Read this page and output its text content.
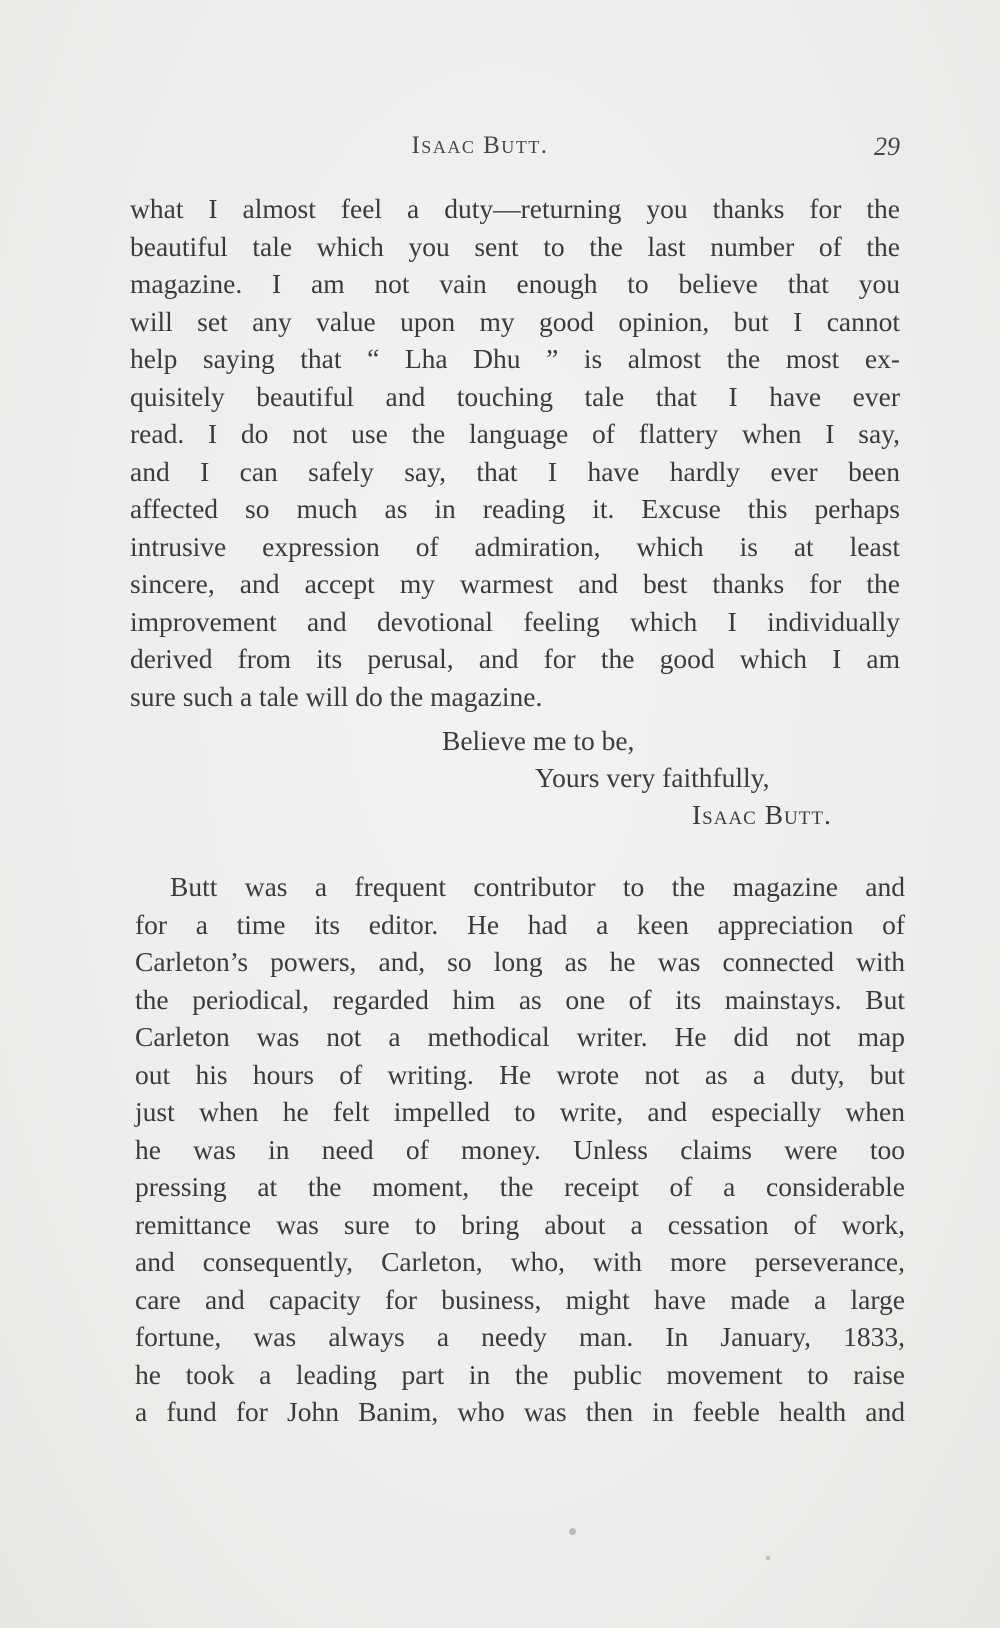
Isaac Butt.	29
what I almost feel a duty—returning you thanks for the
beautiful tale which you sent to the last number of the
magazine. I am not vain enough to believe that you
will set any value upon my good opinion, but I cannot
help saying that “ Lha Dhu ” is almost the most ex-
quisitely beautiful and touching tale that I have ever
read. I do not use the language of flattery when I say,
and I can safely say, that I have hardly ever been
affected so much as in reading it. Excuse this perhaps
intrusive expression of admiration, which is at least
sincere, and accept my warmest and best thanks for the
improvement and devotional feeling which I individually
derived from its perusal, and for the good which I am
sure such a tale will do the magazine.
Believe me to be,
Yours very faithfully,
Isaac Butt.
Butt was a frequent contributor to the magazine and
for a time its editor. He had a keen appreciation of
Carleton’s powers, and, so long as he was connected with
the periodical, regarded him as one of its mainstays. But
Carleton was not a methodical writer. He did not map
out his hours of writing. He wrote not as a duty, but
just when he felt impelled to write, and especially when
he was in need of money. Unless claims were too
pressing at the moment, the receipt of a considerable
remittance was sure to bring about a cessation of work,
and consequently, Carleton, who, with more perseverance,
care and capacity for business, might have made a large
fortune, was always a needy man. In January, 1833,
he took a leading part in the public movement to raise
a fund for John Banim, who was then in feeble health and
